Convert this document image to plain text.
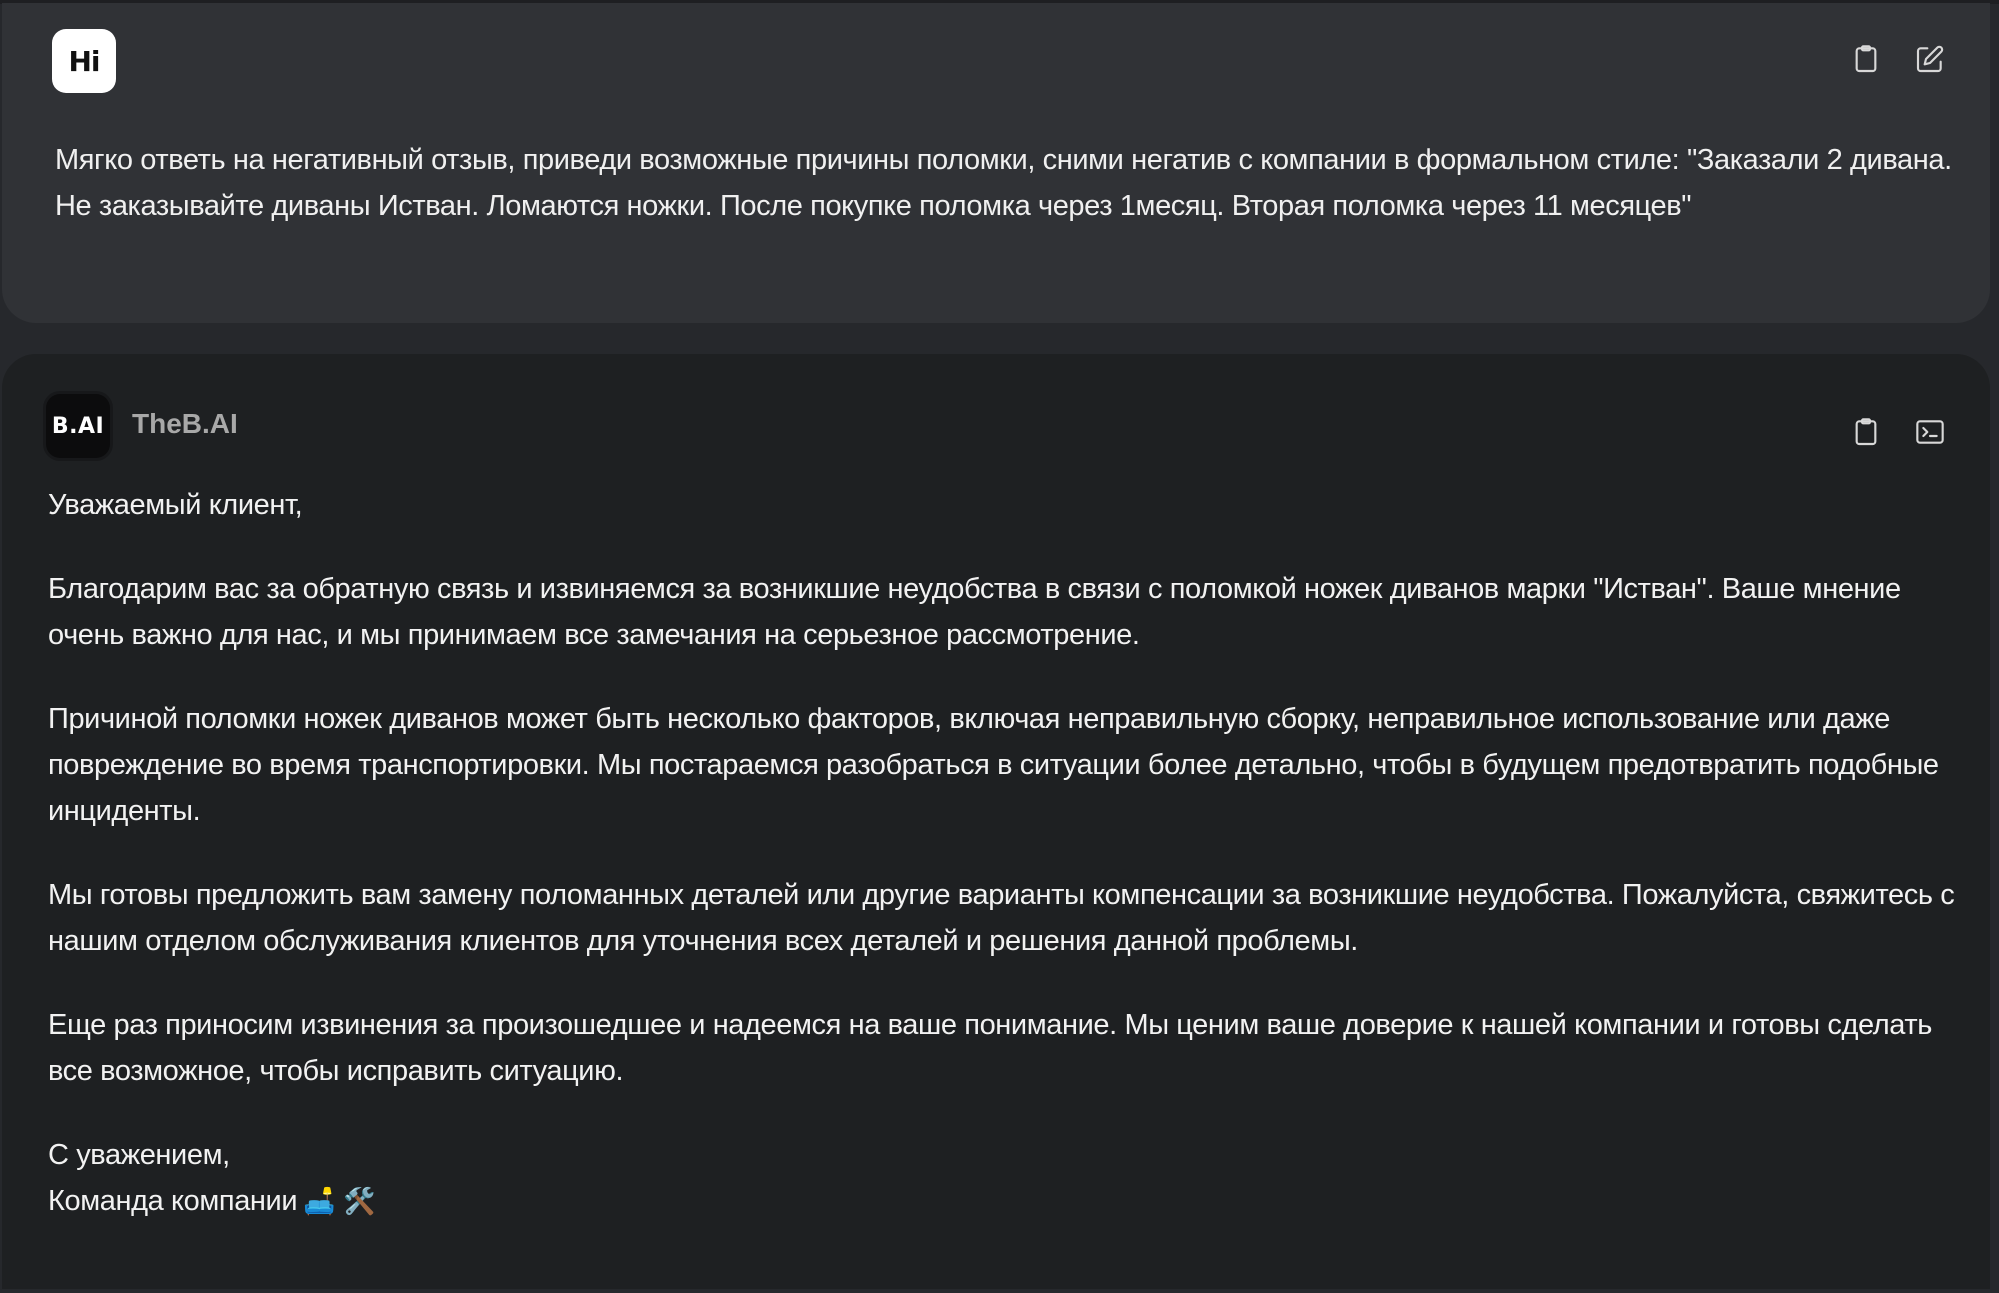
Hi
Мягко ответь на негативный отзыв, приведи возможные причины поломки, сними негатив с компании в формальном стиле: "Заказали 2 дивана. Не заказывайте диваны Истван. Ломаются ножки. После покупке поломка через 1месяц. Вторая поломка через 11 месяцев"
B.AI TheB.AI

Уважаемый клиент,

Благодарим вас за обратную связь и извиняемся за возникшие неудобства в связи с поломкой ножек диванов марки "Истван". Ваше мнение очень важно для нас, и мы принимаем все замечания на серьезное рассмотрение.

Причиной поломки ножек диванов может быть несколько факторов, включая неправильную сборку, неправильное использование или даже повреждение во время транспортировки. Мы постараемся разобраться в ситуации более детально, чтобы в будущем предотвратить подобные инциденты.

Мы готовы предложить вам замену поломанных деталей или другие варианты компенсации за возникшие неудобства. Пожалуйста, свяжитесь с нашим отделом обслуживания клиентов для уточнения всех деталей и решения данной проблемы.

Еще раз приносим извинения за произошедшее и надеемся на ваше понимание. Мы ценим ваше доверие к нашей компании и готовы сделать все возможное, чтобы исправить ситуацию.

С уважением,

Команда компании 🛋️ 🛠️
